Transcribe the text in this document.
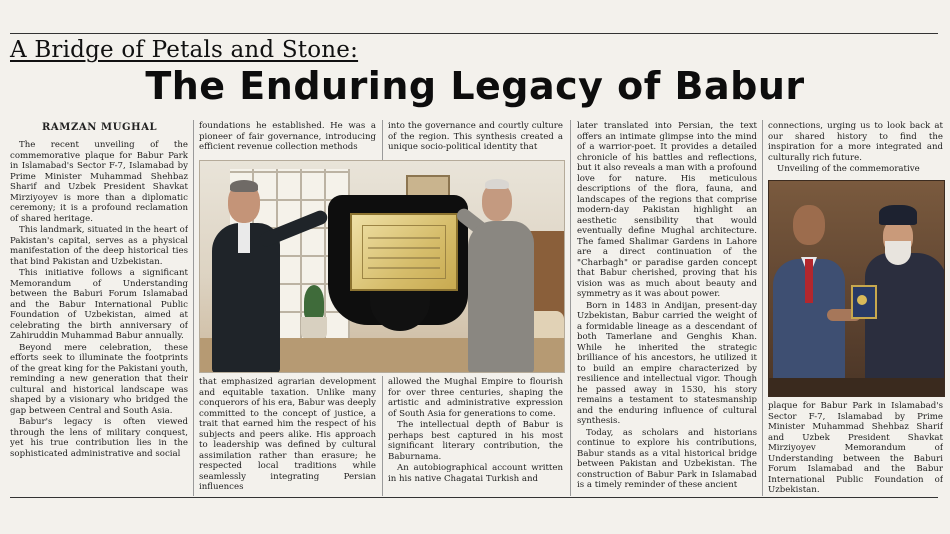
A Bridge of Petals and Stone:
The Enduring Legacy of Babur
RAMZAN MUGHAL

The recent unveiling of the commemorative plaque for Babur Park in Islamabad's Sector F-7, Islamabad by Prime Minister Muhammad Shehbaz Sharif and Uzbek President Shavkat Mirziyoyev is more than a diplomatic ceremony; it is a profound reclamation of shared heritage.

This landmark, situated in the heart of Pakistan's capital, serves as a physical manifestation of the deep historical ties that bind Pakistan and Uzbekistan.

This initiative follows a significant Memorandum of Understanding between the Baburi Forum Islamabad and the Babur International Public Foundation of Uzbekistan, aimed at celebrating the birth anniversary of Zahiruddin Muhammad Babur annually.

Beyond mere celebration, these efforts seek to illuminate the footprints of the great king for the Pakistani youth, reminding a new generation that their cultural and historical landscape was shaped by a visionary who bridged the gap between Central and South Asia.

Babur's legacy is often viewed through the lens of military conquest, yet his true contribution lies in the sophisticated administrative and social

foundations he established. He was a pioneer of fair governance, introducing efficient revenue collection methods

into the governance and courtly culture of the region. This synthesis created a unique socio-political identity that

that emphasized agrarian development and equitable taxation. Unlike many conquerors of his era, Babur was deeply committed to the concept of justice, a trait that earned him the respect of his subjects and peers alike. His approach to leadership was defined by cultural assimilation rather than erasure; he respected local traditions while seamlessly integrating Persian influences

allowed the Mughal Empire to flourish for over three centuries, shaping the artistic and administrative expression of South Asia for generations to come.

The intellectual depth of Babur is perhaps best captured in his most significant literary contribution, the Baburnama.

An autobiographical account written in his native Chagatai Turkish and

later translated into Persian, the text offers an intimate glimpse into the mind of a warrior-poet. It provides a detailed chronicle of his battles and reflections, but it also reveals a man with a profound love for nature. His meticulous descriptions of the flora, fauna, and landscapes of the regions that comprise modern-day Pakistan highlight an aesthetic sensibility that would eventually define Mughal architecture. The famed Shalimar Gardens in Lahore are a direct continuation of the "Charbagh" or paradise garden concept that Babur cherished, proving that his vision was as much about beauty and symmetry as it was about power.

Born in 1483 in Andijan, present-day Uzbekistan, Babur carried the weight of a formidable lineage as a descendant of both Tamerlane and Genghis Khan. While he inherited the strategic brilliance of his ancestors, he utilized it to build an empire characterized by resilience and intellectual vigor. Though he passed away in 1530, his story remains a testament to statesmanship and the enduring influence of cultural synthesis.

Today, as scholars and historians continue to explore his contributions, Babur stands as a vital historical bridge between Pakistan and Uzbekistan. The construction of Babur Park in Islamabad is a timely reminder of these ancient

connections, urging us to look back at our shared history to find the inspiration for a more integrated and culturally rich future.

Unveiling of the commemorative

plaque for Babur Park in Islamabad's Sector F-7, Islamabad by Prime Minister Muhammad Shehbaz Sharif and Uzbek President Shavkat Mirziyoyev Memorandum of Understanding between the Baburi Forum Islamabad and the Babur International Public Foundation of Uzbekistan.
